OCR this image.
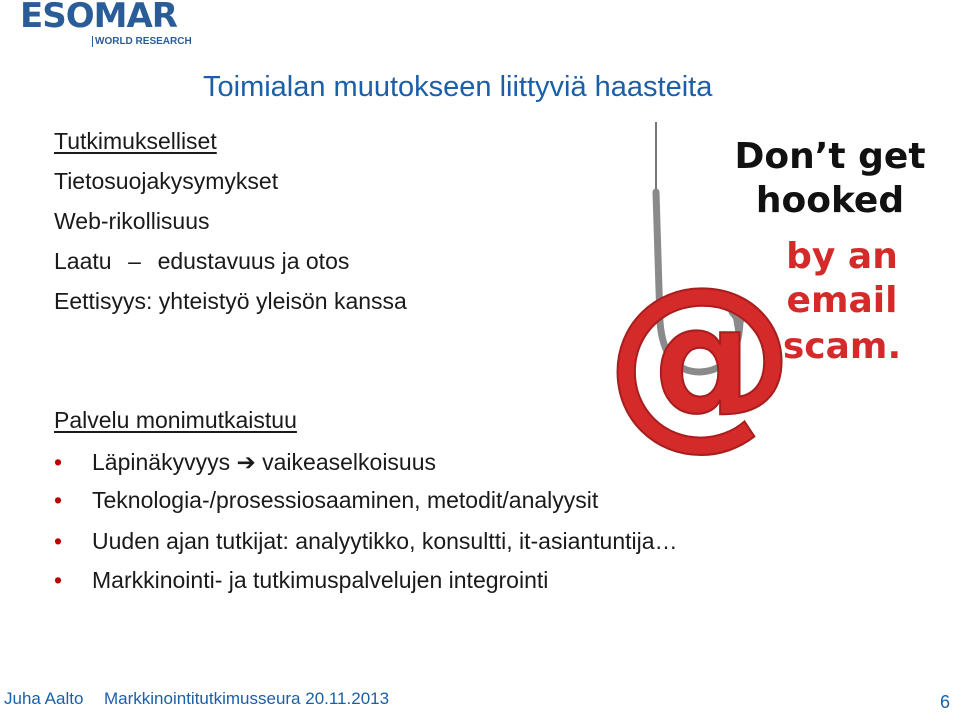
ESOMAR
WORLD RESEARCH
Toimialan muutokseen liittyviä haasteita
Tutkimukselliset
Tietosuojakysymykset
Web-rikollisuus
Laatu – edustavuus ja otos
Eettisyys: yhteistyö yleisön kanssa
Palvelu monimutkaistuu
• Läpinäkyvyys ➔ vaikeaselkoisuus
• Teknologia-/prosessiosaaminen, metodit/analyysit
• Uuden ajan tutkijat: analyytikko, konsultti, it-asiantuntija…
• Markkinointi- ja tutkimuspalvelujen integrointi
@
Don’t get
hooked
by an
email
scam.
Juha Aalto Markkinointitutkimusseura 20.11.2013	6
